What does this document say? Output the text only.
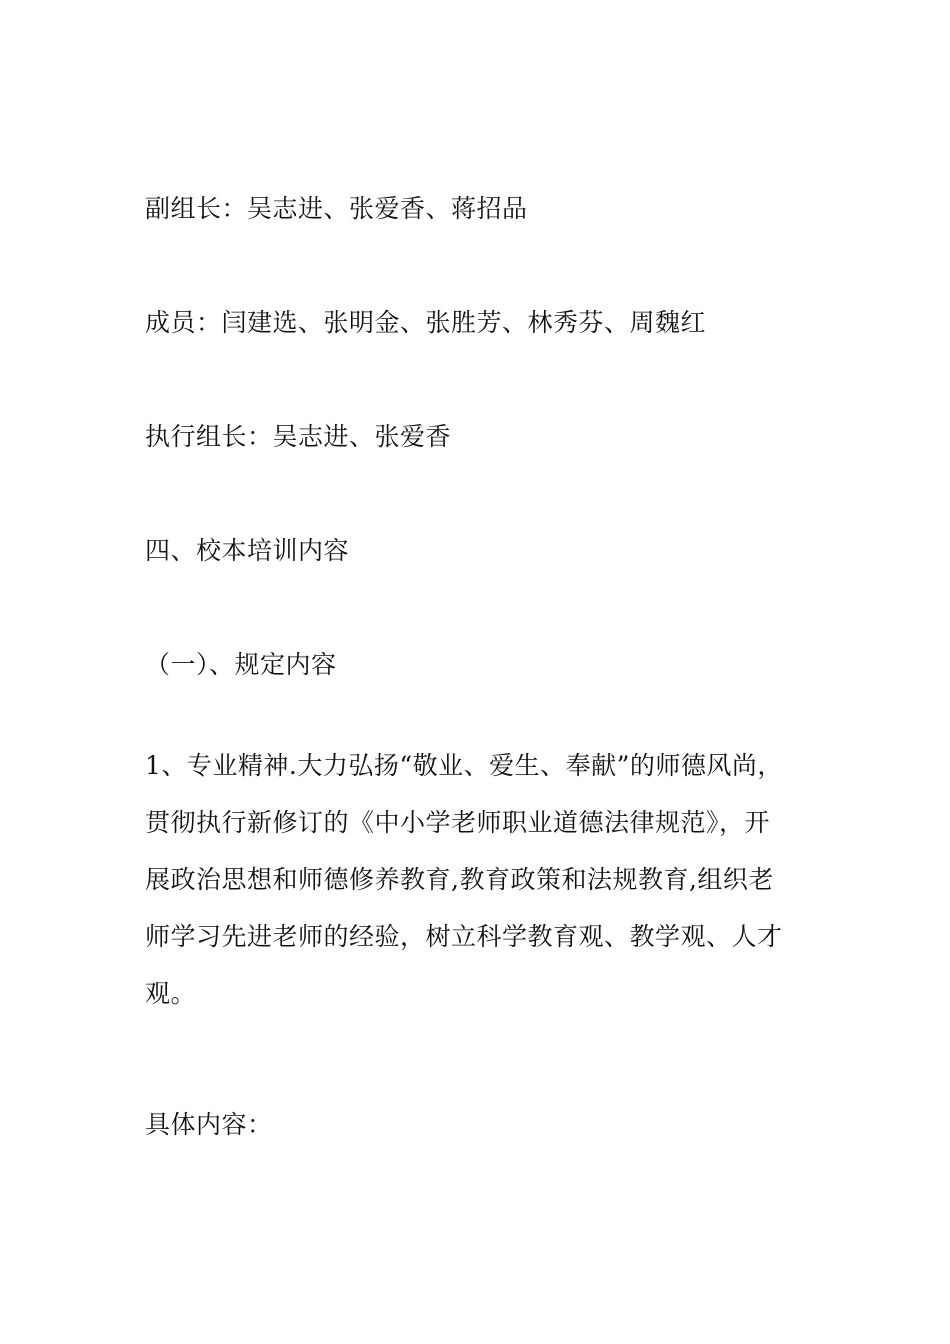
副组长：吴志进、张爱香、蒋招品
成员：闫建选、张明金、张胜芳、林秀芬、周魏红
执行组长：吴志进、张爱香
四、校本培训内容
（一）、规定内容
1、专业精神.大力弘扬“敬业、爱生、奉献”的师德风尚，
贯彻执行新修订的《中小学老师职业道德法律规范》，开
展政治思想和师德修养教育,教育政策和法规教育,组织老
师学习先进老师的经验，树立科学教育观、教学观、人才
观。
具体内容：
